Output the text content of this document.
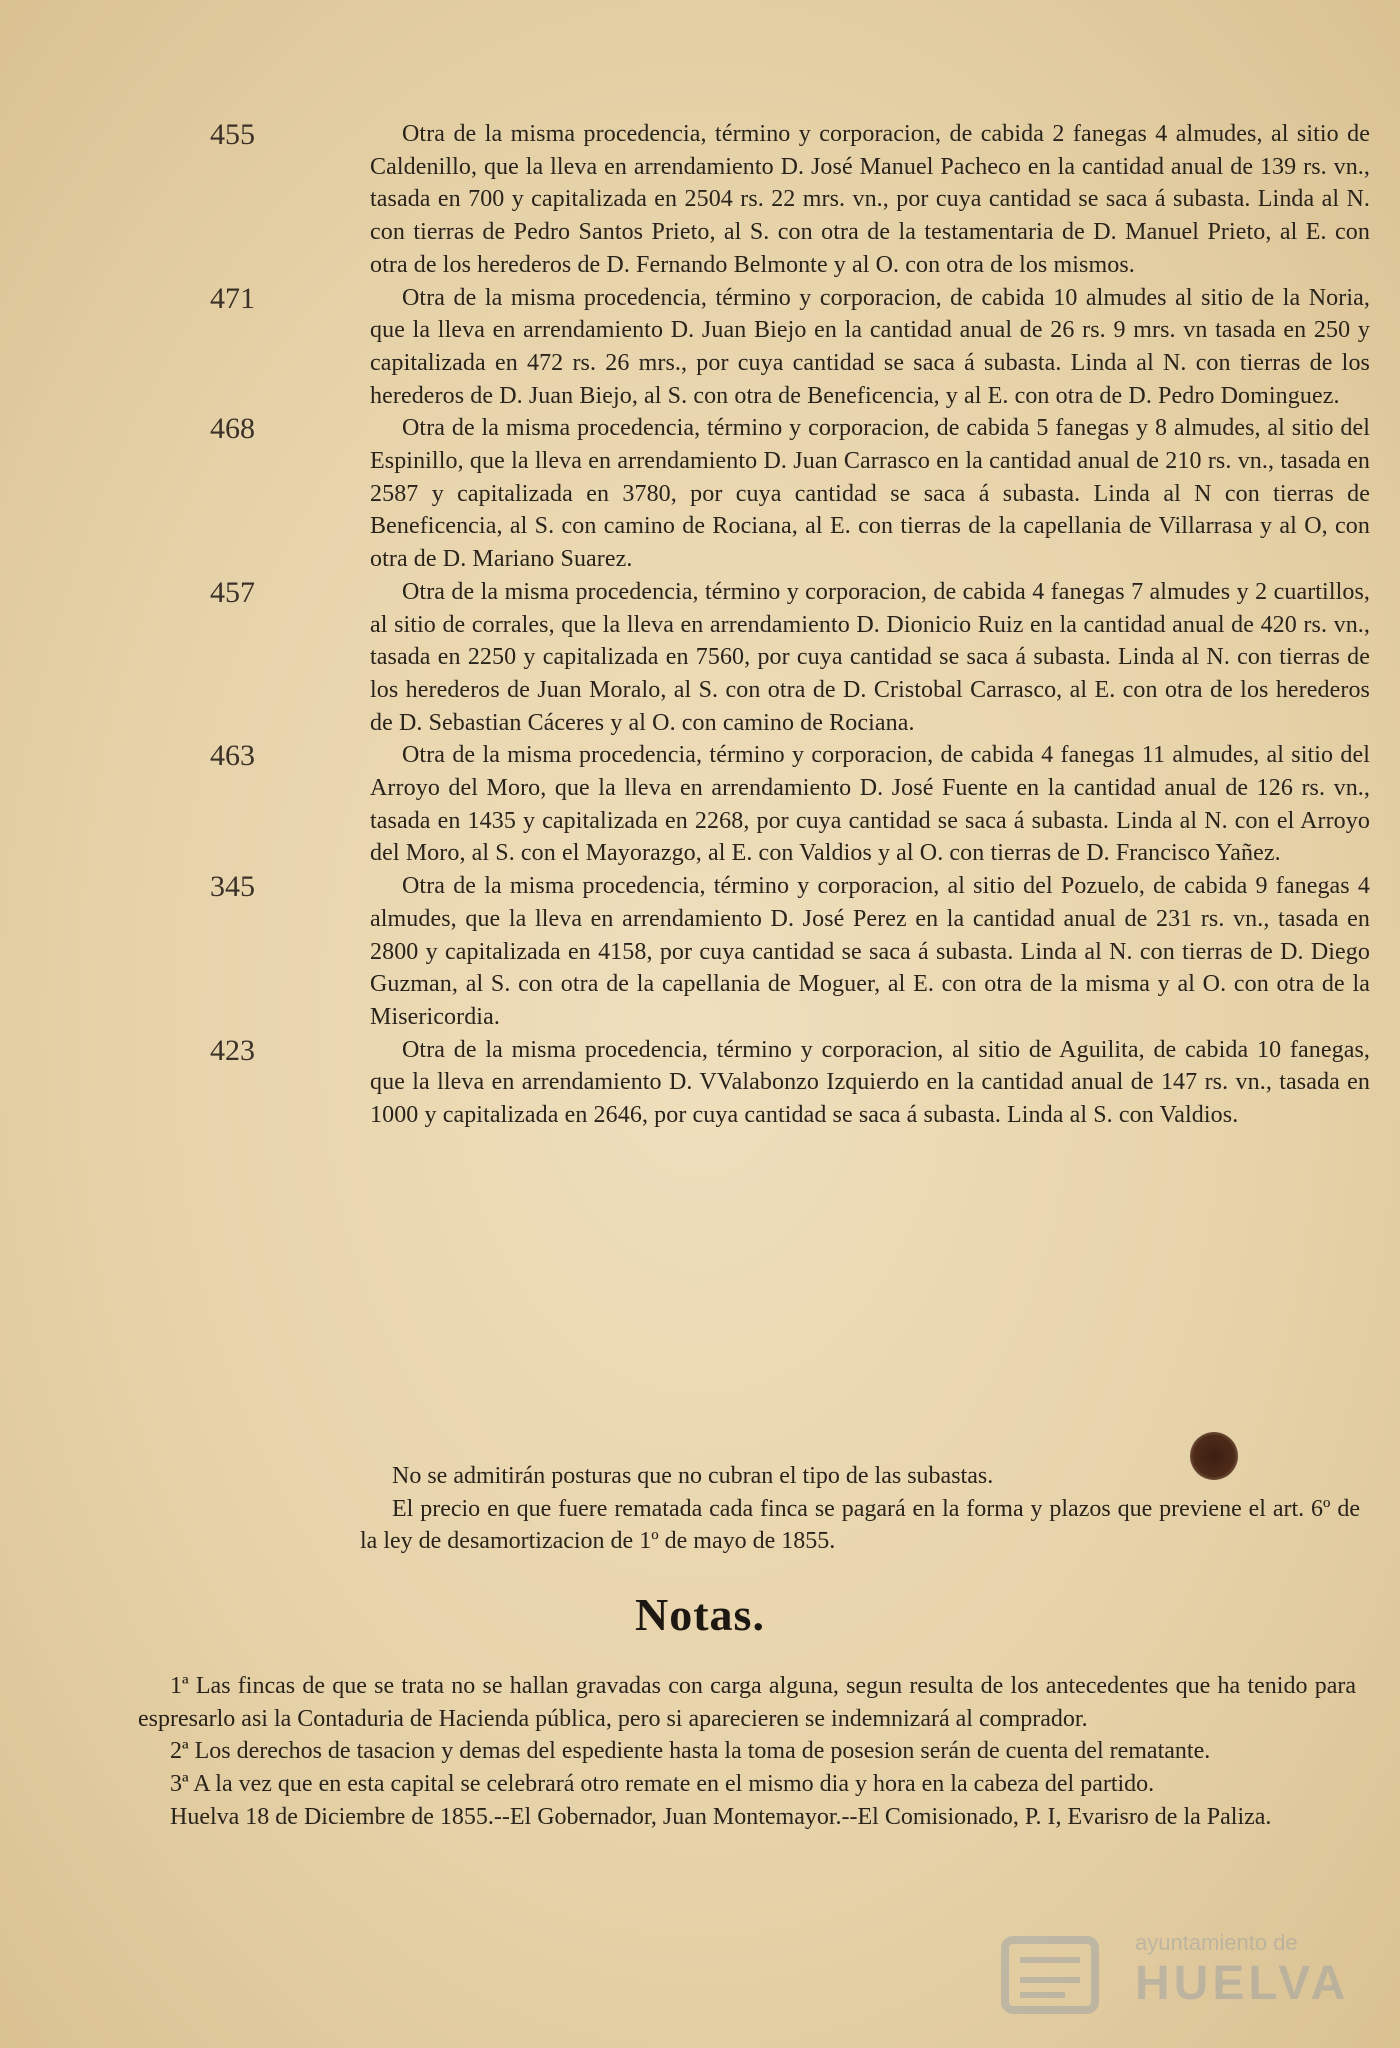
455	Otra de la misma procedencia, término y corporacion, de cabida 2 fanegas 4 almudes, al sitio de Caldenillo, que la lleva en arrendamiento D. José Manuel Pacheco en la cantidad anual de 139 rs. vn., tasada en 700 y capitalizada en 2504 rs. 22 mrs. vn., por cuya cantidad se saca á subasta. Linda al N. con tierras de Pedro Santos Prieto, al S. con otra de la testamentaria de D. Manuel Prieto, al E. con otra de los herederos de D. Fernando Belmonte y al O. con otra de los mismos.

471	Otra de la misma procedencia, término y corporacion, de cabida 10 almudes al sitio de la Noria, que la lleva en arrendamiento D. Juan Biejo en la cantidad anual de 26 rs. 9 mrs. vn tasada en 250 y capitalizada en 472 rs. 26 mrs., por cuya cantidad se saca á subasta. Linda al N. con tierras de los herederos de D. Juan Biejo, al S. con otra de Beneficencia, y al E. con otra de D. Pedro Dominguez.

468	Otra de la misma procedencia, término y corporacion, de cabida 5 fanegas y 8 almudes, al sitio del Espinillo, que la lleva en arrendamiento D. Juan Carrasco en la cantidad anual de 210 rs. vn., tasada en 2587 y capitalizada en 3780, por cuya cantidad se saca á subasta. Linda al N con tierras de Beneficencia, al S. con camino de Rociana, al E. con tierras de la capellania de Villarrasa y al O, con otra de D. Mariano Suarez.

457	Otra de la misma procedencia, término y corporacion, de cabida 4 fanegas 7 almudes y 2 cuartillos, al sitio de corrales, que la lleva en arrendamiento D. Dionicio Ruiz en la cantidad anual de 420 rs. vn., tasada en 2250 y capitalizada en 7560, por cuya cantidad se saca á subasta. Linda al N. con tierras de los herederos de Juan Moralo, al S. con otra de D. Cristobal Carrasco, al E. con otra de los herederos de D. Sebastian Cáceres y al O. con camino de Rociana.

463	Otra de la misma procedencia, término y corporacion, de cabida 4 fanegas 11 almudes, al sitio del Arroyo del Moro, que la lleva en arrendamiento D. José Fuente en la cantidad anual de 126 rs. vn., tasada en 1435 y capitalizada en 2268, por cuya cantidad se saca á subasta. Linda al N. con el Arroyo del Moro, al S. con el Mayorazgo, al E. con Valdios y al O. con tierras de D. Francisco Yañez.

345	Otra de la misma procedencia, término y corporacion, al sitio del Pozuelo, de cabida 9 fanegas 4 almudes, que la lleva en arrendamiento D. José Perez en la cantidad anual de 231 rs. vn., tasada en 2800 y capitalizada en 4158, por cuya cantidad se saca á subasta. Linda al N. con tierras de D. Diego Guzman, al S. con otra de la capellania de Moguer, al E. con otra de la misma y al O. con otra de la Misericordia.

423	Otra de la misma procedencia, término y corporacion, al sitio de Aguilita, de cabida 10 fanegas, que la lleva en arrendamiento D. VValabonzo Izquierdo en la cantidad anual de 147 rs. vn., tasada en 1000 y capitalizada en 2646, por cuya cantidad se saca á subasta. Linda al S. con Valdios.

No se admitirán posturas que no cubran el tipo de las subastas.

El precio en que fuere rematada cada finca se pagará en la forma y plazos que previene el art. 6º de la ley de desamortizacion de 1º de mayo de 1855.

Notas.

1ª Las fincas de que se trata no se hallan gravadas con carga alguna, segun resulta de los antecedentes que ha tenido para espresarlo asi la Contaduria de Hacienda pública, pero si aparecieren se indemnizará al comprador.

2ª Los derechos de tasacion y demas del espediente hasta la toma de posesion serán de cuenta del rematante.

3ª A la vez que en esta capital se celebrará otro remate en el mismo dia y hora en la cabeza del partido.

Huelva 18 de Diciembre de 1855.--El Gobernador, Juan Montemayor.--El Comisionado, P. I, Evarisro de la Paliza.

ayuntamiento de
HUELVA
